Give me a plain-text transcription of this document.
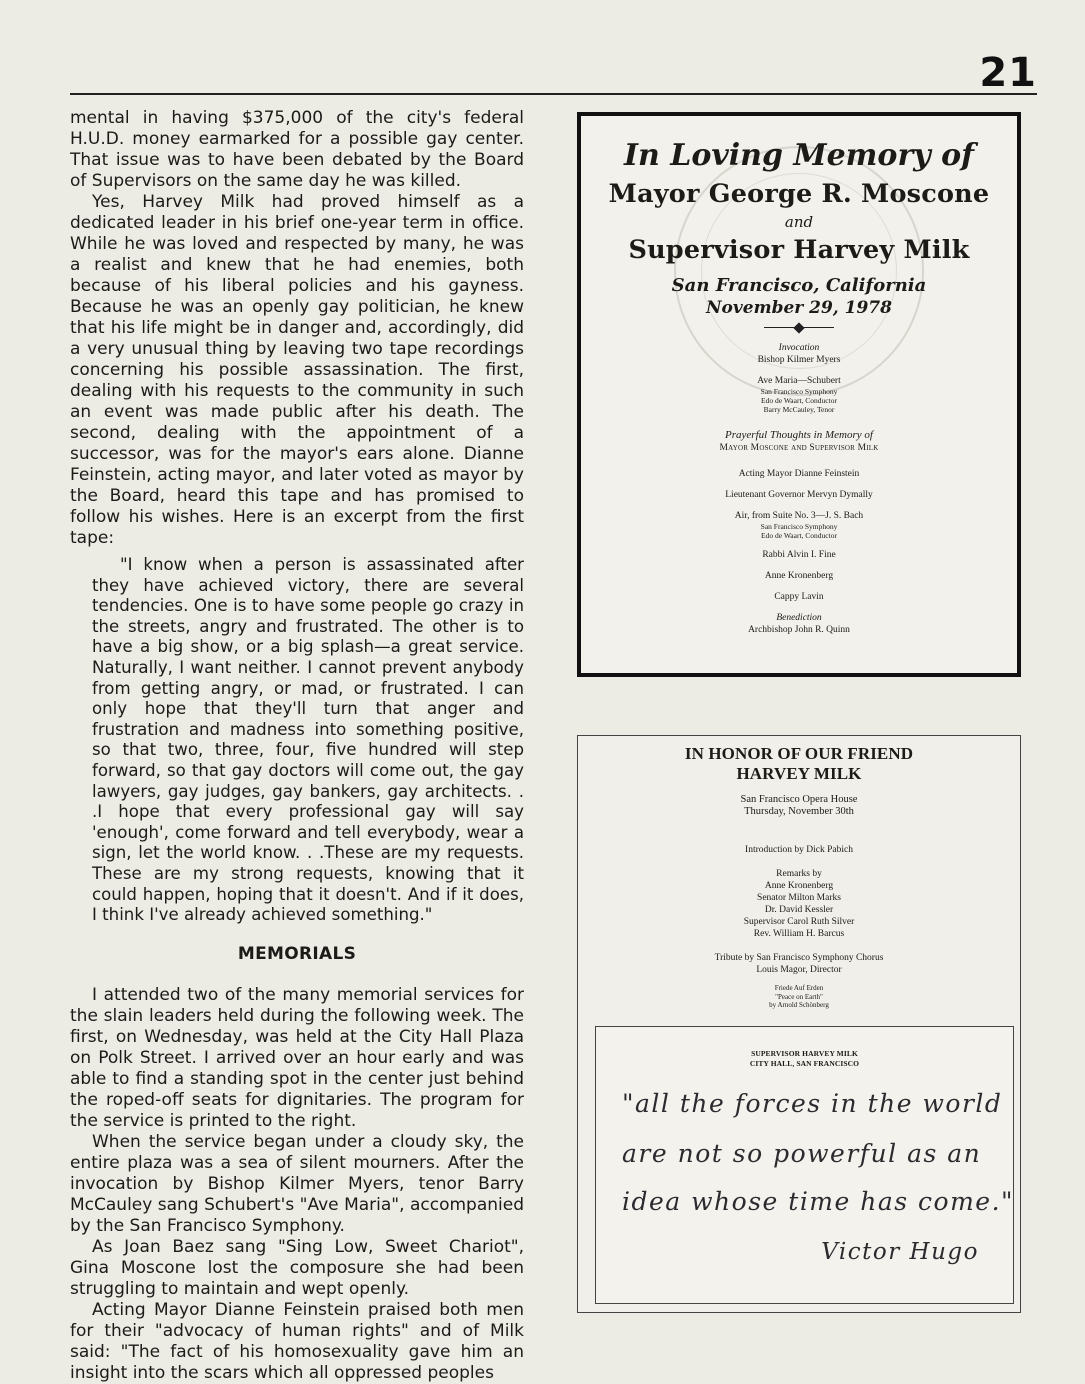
21

mental in having $375,000 of the city's federal H.U.D. money earmarked for a possible gay center. That issue was to have been debated by the Board of Supervisors on the same day he was killed.

Yes, Harvey Milk had proved himself as a dedicated leader in his brief one-year term in office. While he was loved and respected by many, he was a realist and knew that he had enemies, both because of his liberal policies and his gayness. Because he was an openly gay politician, he knew that his life might be in danger and, accordingly, did a very unusual thing by leaving two tape recordings concerning his possible assassination. The first, dealing with his requests to the community in such an event was made public after his death. The second, dealing with the appointment of a successor, was for the mayor's ears alone. Dianne Feinstein, acting mayor, and later voted as mayor by the Board, heard this tape and has promised to follow his wishes. Here is an excerpt from the first tape:

"I know when a person is assassinated after they have achieved victory, there are several tendencies. One is to have some people go crazy in the streets, angry and frustrated. The other is to have a big show, or a big splash—a great service. Naturally, I want neither. I cannot prevent anybody from getting angry, or mad, or frustrated. I can only hope that they'll turn that anger and frustration and madness into something positive, so that two, three, four, five hundred will step forward, so that gay doctors will come out, the gay lawyers, gay judges, gay bankers, gay architects. . .I hope that every professional gay will say 'enough', come forward and tell everybody, wear a sign, let the world know. . .These are my requests. These are my strong requests, knowing that it could happen, hoping that it doesn't. And if it does, I think I've already achieved something."

MEMORIALS

I attended two of the many memorial services for the slain leaders held during the following week. The first, on Wednesday, was held at the City Hall Plaza on Polk Street. I arrived over an hour early and was able to find a standing spot in the center just behind the roped-off seats for dignitaries. The program for the service is printed to the right.

When the service began under a cloudy sky, the entire plaza was a sea of silent mourners. After the invocation by Bishop Kilmer Myers, tenor Barry McCauley sang Schubert's "Ave Maria", accompanied by the San Francisco Symphony.

As Joan Baez sang "Sing Low, Sweet Chariot", Gina Moscone lost the composure she had been struggling to maintain and wept openly.

Acting Mayor Dianne Feinstein praised both men for their "advocacy of human rights" and of Milk said: "The fact of his homosexuality gave him an insight into the scars which all oppressed peoples

In Loving Memory of
Mayor George R. Moscone
and
Supervisor Harvey Milk
San Francisco, California
November 29, 1978

Invocation

Bishop Kilmer Myers

Ave Maria—Schubert

San Francisco Symphony

Edo de Waart, Conductor

Barry McCauley, Tenor

Prayerful Thoughts in Memory of

Mayor Moscone and Supervisor Milk

Acting Mayor Dianne Feinstein

Lieutenant Governor Mervyn Dymally

Air, from Suite No. 3—J. S. Bach

San Francisco Symphony

Edo de Waart, Conductor

Rabbi Alvin I. Fine

Anne Kronenberg

Cappy Lavin

Benediction

Archbishop John R. Quinn

IN HONOR OF OUR FRIEND
HARVEY MILK

San Francisco Opera House

Thursday, November 30th

Introduction by Dick Pabich

Remarks by

Anne Kronenberg

Senator Milton Marks

Dr. David Kessler

Supervisor Carol Ruth Silver

Rev. William H. Barcus

Tribute by San Francisco Symphony Chorus

Louis Magor, Director

Friede Auf Erden

"Peace on Earth"

by Arnold Schönberg

SUPERVISOR HARVEY MILK

CITY HALL, SAN FRANCISCO

"all the forces in the world
are not so powerful as an
idea whose time has come."
Victor Hugo
